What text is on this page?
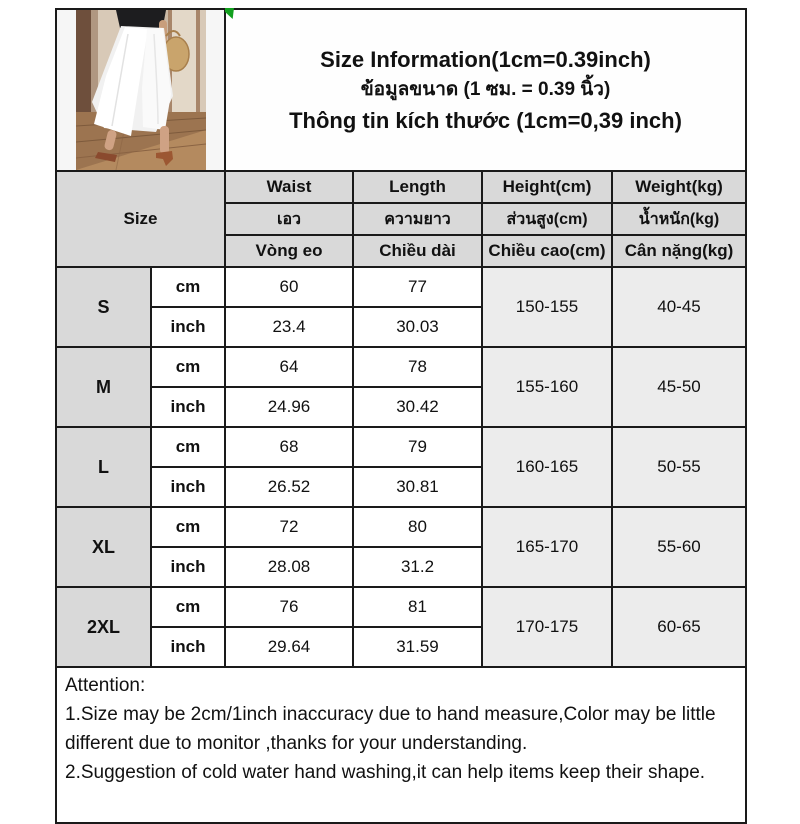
Size Information(1cm=0.39inch)
ข้อมูลขนาด (1 ซม. = 0.39 นิ้ว)
Thông tin kích thước (1cm=0,39 inch)			

Size		Waist	Length	Height(cm)	Weight(kg)
		เอว	ความยาว	ส่วนสูง(cm)	น้ำหนัก(kg)
		Vòng eo	Chiều dài	Chiều cao(cm)	Cân nặng(kg)
S	cm	60	77	150-155	40-45
	inch	23.4	30.03		
M	cm	64	78	155-160	45-50
	inch	24.96	30.42		
L	cm	68	79	160-165	50-55
	inch	26.52	30.81		
XL	cm	72	80	165-170	55-60
	inch	28.08	31.2		
2XL	cm	76	81	170-175	60-65
	inch	29.64	31.59		

Attention:
1.Size may be 2cm/1inch inaccuracy due to hand measure,Color may be little different due to monitor ,thanks for your understanding.
2.Suggestion of cold water hand washing,it can help items keep their shape.					
